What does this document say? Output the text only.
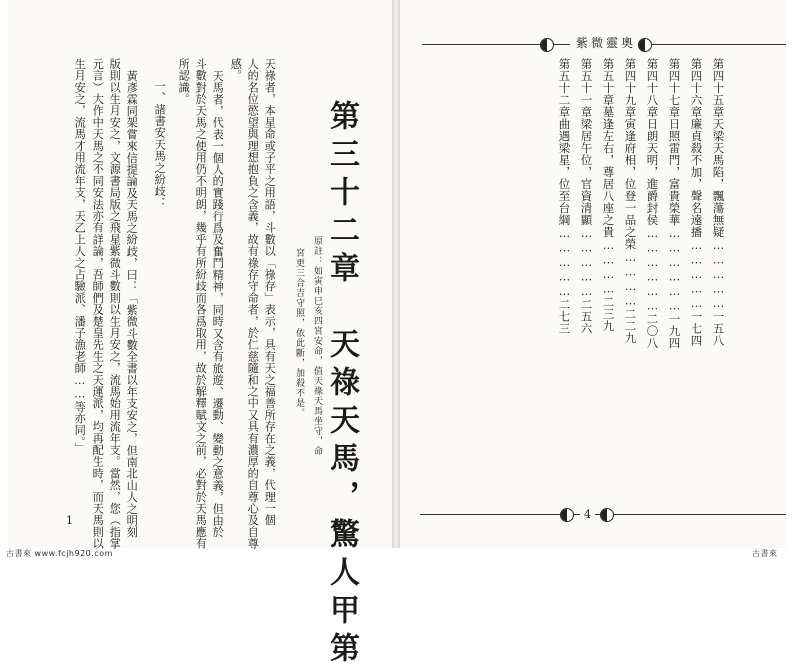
第三十二章　天祿天馬，驚人甲第
原註：如寅申巳亥四宮安命，值天祿天馬坐守，命
宮更三合吉守照，依此斷，加殺不是。
天祿者，本星命或子平之用語，斗數以「祿存」表示，具有天之福善所存在之義，代理一個
人的名位慾望與理想抱負之含義，故有祿存守命者，於仁慈隨和之中又具有濃厚的自尊心及自尊
感。
天馬者，代表一個人的實踐行爲及奮鬥精神，同時又含有旅遊、遷動、變動之意義，但由於
斗數對於天馬之使用仍不明朗，幾乎有所紛歧而各爲取用，故於解釋賦文之前，必對於天馬應有
所認識。
一、諸書安天馬之紛歧：
黃彥霖同架嘗來信提論及天馬之紛歧，曰：「紫微斗數全書以年支安之，但南北山人之明刻
版則以生月安之，文源書局版之飛星紫微斗數則以生月安之，流馬始用流年支。當然，您（指掌
元言）大作中天馬之不同安法亦有詳論，吾師們及楚皇先生之天運派，均再配生時，而天馬則以
生月安之，流馬才用流年支，天乙上人之占驗派、潘子漁老師……等亦同。」
1
紫微靈奧
第四十五章天梁天馬陷，飄蕩無疑……………一五八
第四十六章廉貞殺不加，聲名遠播……………一七四
第四十七章日照雷門，富貴榮華………………一九四
第四十八章日朗天明，進爵封侯………………二〇八
第四十九章寅逢府相，位登一品之榮…………二二九
第五十章墓逢左右，尊居八座之貴…………二三九
第五十一章梁居午位，官資清顯……………二五六
第五十二章曲遇梁星，位至台綱……………二七三
4
古書來 www.fcjh920.com	古書來
